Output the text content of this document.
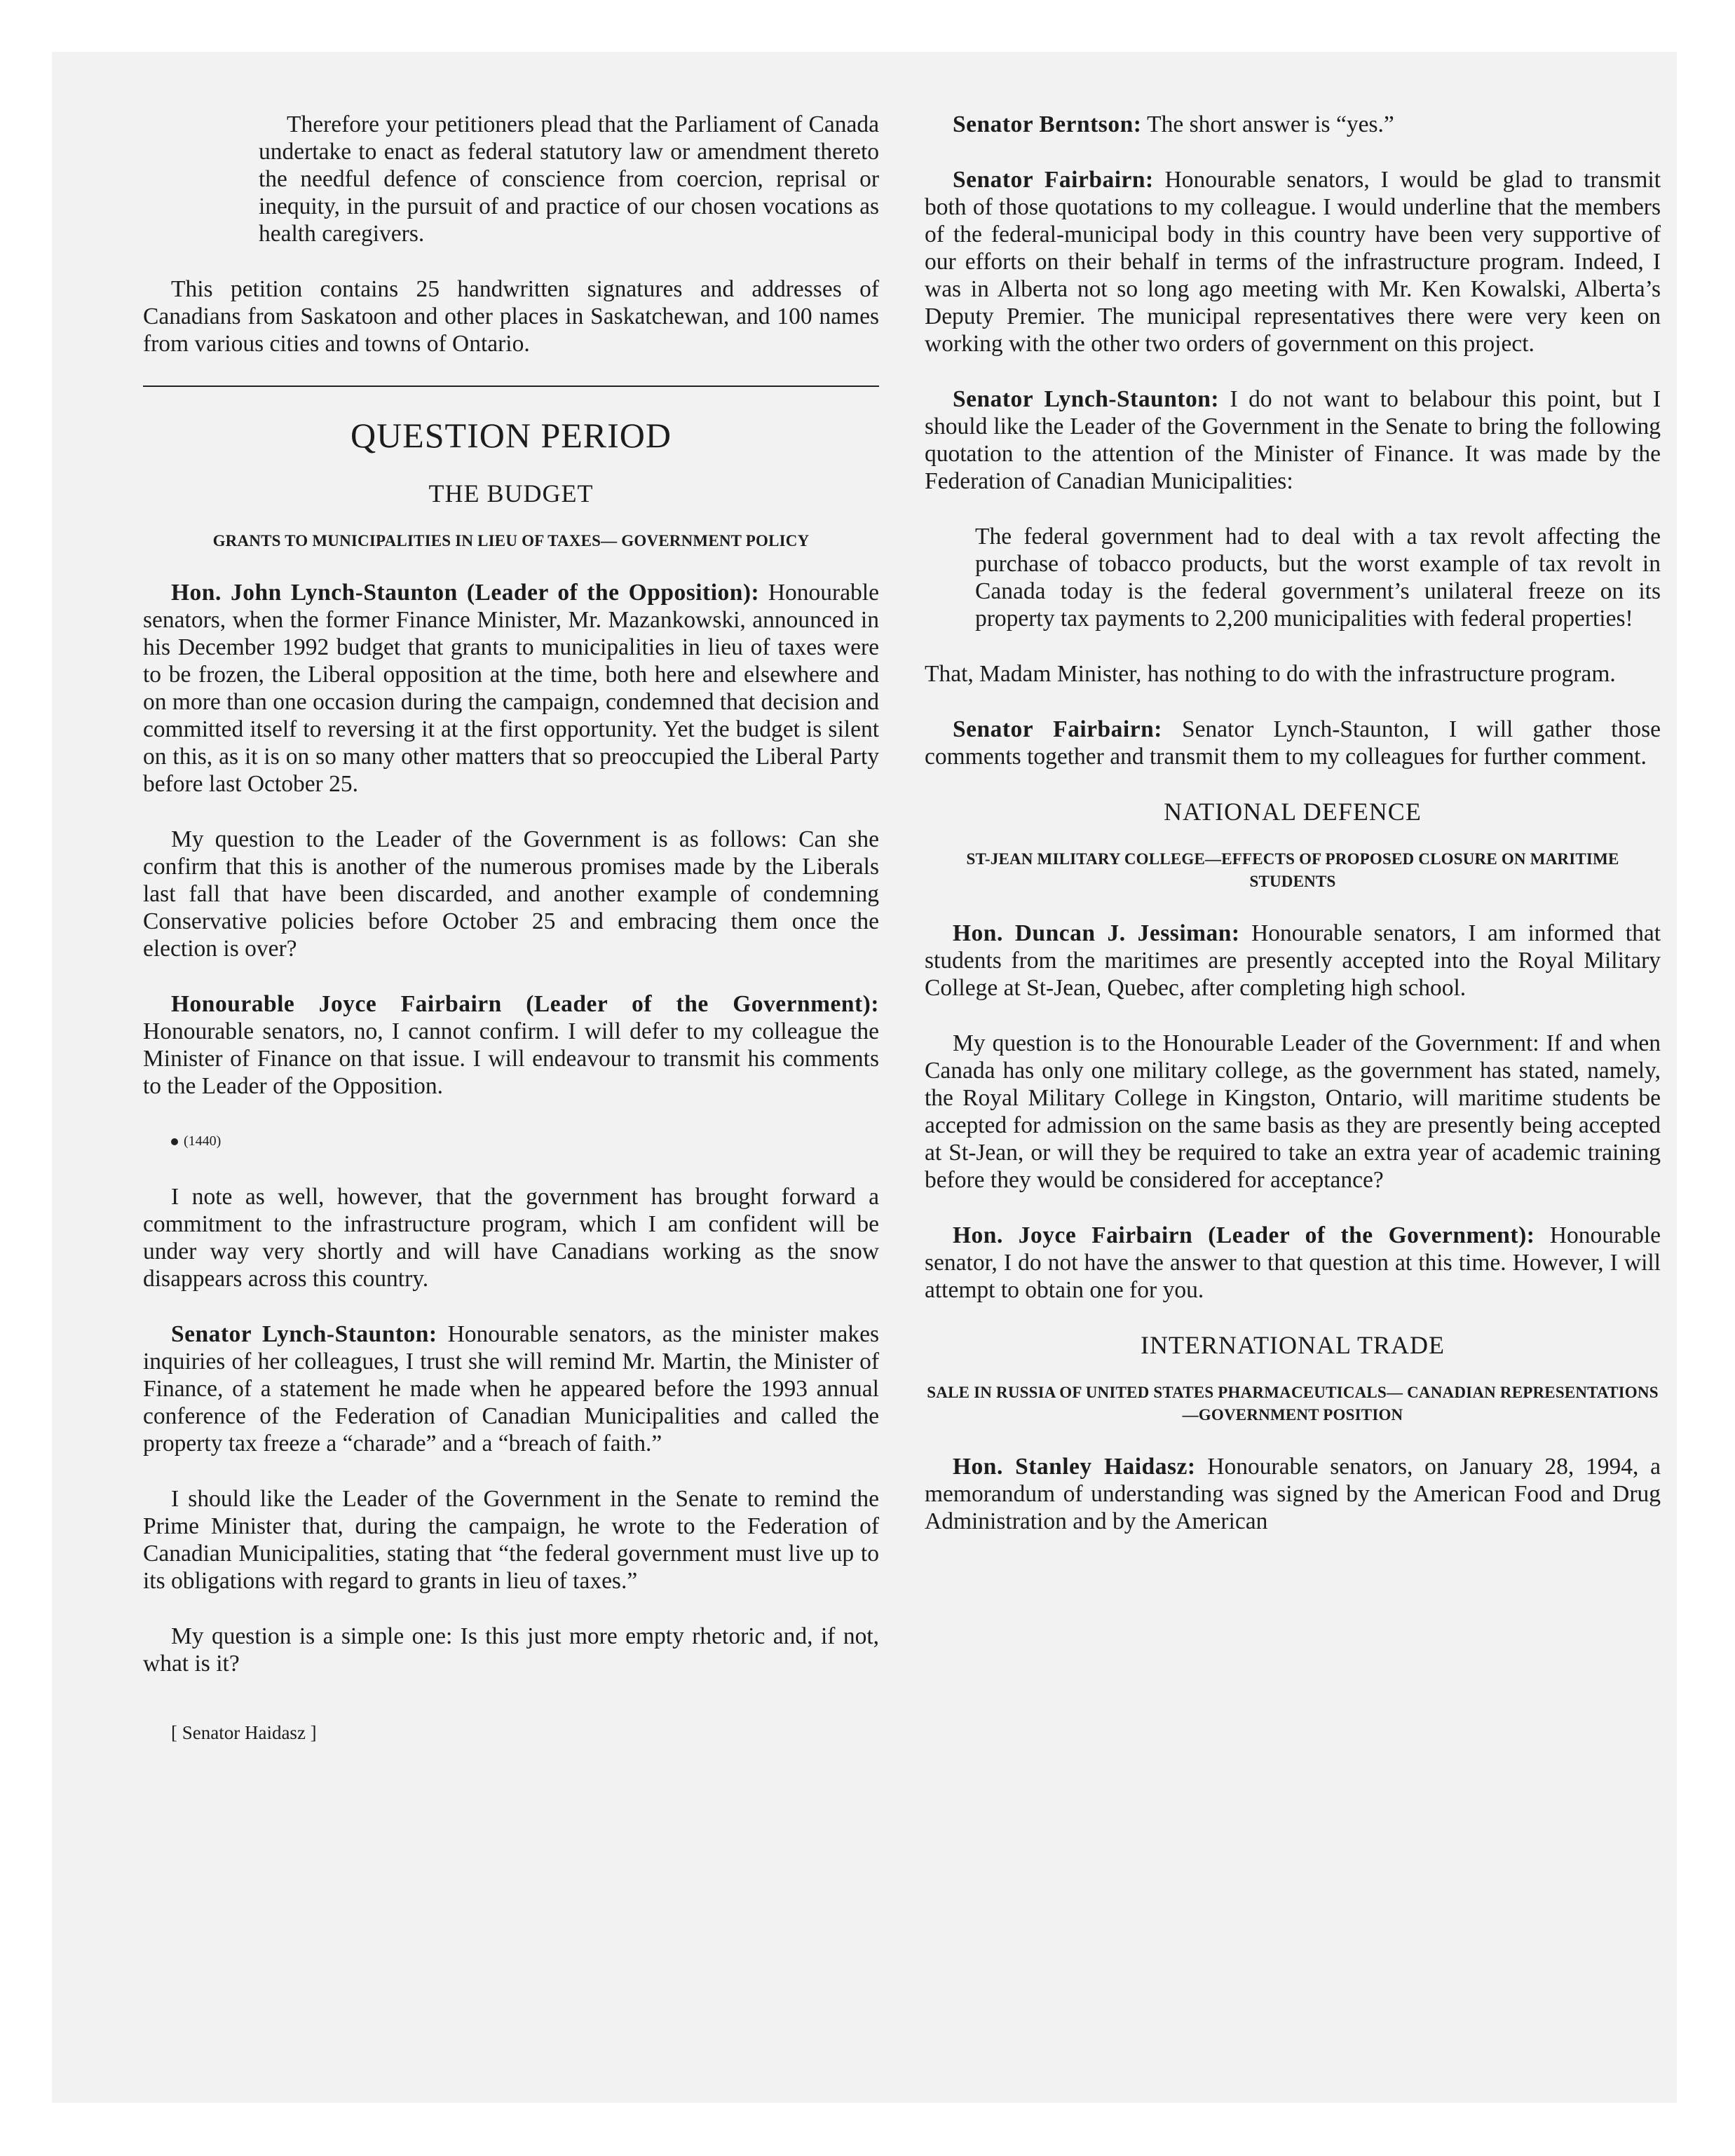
Therefore your petitioners plead that the Parliament of Canada undertake to enact as federal statutory law or amendment thereto the needful defence of conscience from coercion, reprisal or inequity, in the pursuit of and practice of our chosen vocations as health caregivers.

This petition contains 25 handwritten signatures and addresses of Canadians from Saskatoon and other places in Saskatchewan, and 100 names from various cities and towns of Ontario.

QUESTION PERIOD
THE BUDGET
GRANTS TO MUNICIPALITIES IN LIEU OF TAXES— GOVERNMENT POLICY

Hon. John Lynch-Staunton (Leader of the Opposition): Honourable senators, when the former Finance Minister, Mr. Mazankowski, announced in his December 1992 budget that grants to municipalities in lieu of taxes were to be frozen, the Liberal opposition at the time, both here and elsewhere and on more than one occasion during the campaign, condemned that decision and committed itself to reversing it at the first opportunity. Yet the budget is silent on this, as it is on so many other matters that so preoccupied the Liberal Party before last October 25.

My question to the Leader of the Government is as follows: Can she confirm that this is another of the numerous promises made by the Liberals last fall that have been discarded, and another example of condemning Conservative policies before October 25 and embracing them once the election is over?

Honourable Joyce Fairbairn (Leader of the Government): Honourable senators, no, I cannot confirm. I will defer to my colleague the Minister of Finance on that issue. I will endeavour to transmit his comments to the Leader of the Opposition.

(1440)

I note as well, however, that the government has brought forward a commitment to the infrastructure program, which I am confident will be under way very shortly and will have Canadians working as the snow disappears across this country.

Senator Lynch-Staunton: Honourable senators, as the minister makes inquiries of her colleagues, I trust she will remind Mr. Martin, the Minister of Finance, of a statement he made when he appeared before the 1993 annual conference of the Federation of Canadian Municipalities and called the property tax freeze a “charade” and a “breach of faith.”

I should like the Leader of the Government in the Senate to remind the Prime Minister that, during the campaign, he wrote to the Federation of Canadian Municipalities, stating that “the federal government must live up to its obligations with regard to grants in lieu of taxes.”

My question is a simple one: Is this just more empty rhetoric and, if not, what is it?

[ Senator Haidasz ]

Senator Berntson: The short answer is “yes.”

Senator Fairbairn: Honourable senators, I would be glad to transmit both of those quotations to my colleague. I would underline that the members of the federal-municipal body in this country have been very supportive of our efforts on their behalf in terms of the infrastructure program. Indeed, I was in Alberta not so long ago meeting with Mr. Ken Kowalski, Alberta’s Deputy Premier. The municipal representatives there were very keen on working with the other two orders of government on this project.

Senator Lynch-Staunton: I do not want to belabour this point, but I should like the Leader of the Government in the Senate to bring the following quotation to the attention of the Minister of Finance. It was made by the Federation of Canadian Municipalities:

The federal government had to deal with a tax revolt affecting the purchase of tobacco products, but the worst example of tax revolt in Canada today is the federal government’s unilateral freeze on its property tax payments to 2,200 municipalities with federal properties!

That, Madam Minister, has nothing to do with the infrastructure program.

Senator Fairbairn: Senator Lynch-Staunton, I will gather those comments together and transmit them to my colleagues for further comment.

NATIONAL DEFENCE
ST-JEAN MILITARY COLLEGE—EFFECTS OF PROPOSED CLOSURE ON MARITIME STUDENTS

Hon. Duncan J. Jessiman: Honourable senators, I am informed that students from the maritimes are presently accepted into the Royal Military College at St-Jean, Quebec, after completing high school.

My question is to the Honourable Leader of the Government: If and when Canada has only one military college, as the government has stated, namely, the Royal Military College in Kingston, Ontario, will maritime students be accepted for admission on the same basis as they are presently being accepted at St-Jean, or will they be required to take an extra year of academic training before they would be considered for acceptance?

Hon. Joyce Fairbairn (Leader of the Government): Honourable senator, I do not have the answer to that question at this time. However, I will attempt to obtain one for you.

INTERNATIONAL TRADE
SALE IN RUSSIA OF UNITED STATES PHARMACEUTICALS— CANADIAN REPRESENTATIONS—GOVERNMENT POSITION

Hon. Stanley Haidasz: Honourable senators, on January 28, 1994, a memorandum of understanding was signed by the American Food and Drug Administration and by the American
